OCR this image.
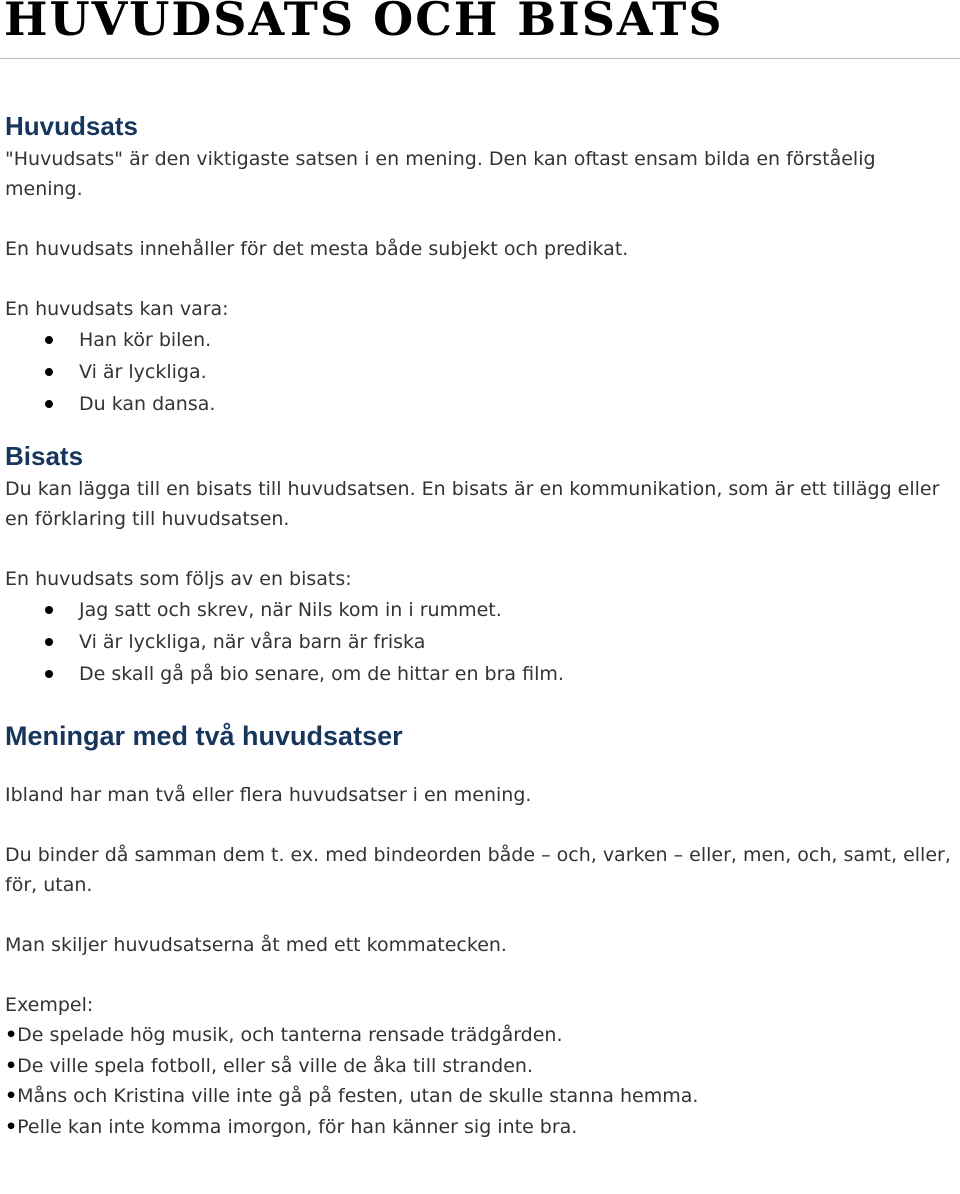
HUVUDSATS OCH BISATS
Huvudsats

"Huvudsats" är den viktigaste satsen i en mening. Den kan oftast ensam bilda en förståelig mening.

En huvudsats innehåller för det mesta både subjekt och predikat.

En huvudsats kan vara:

Han kör bilen.
Vi är lyckliga.
Du kan dansa.
Bisats

Du kan lägga till en bisats till huvudsatsen. En bisats är en kommunikation, som är ett tillägg eller en förklaring till huvudsatsen.

En huvudsats som följs av en bisats:

Jag satt och skrev, när Nils kom in i rummet.
Vi är lyckliga, när våra barn är friska
De skall gå på bio senare, om de hittar en bra film.
Meningar med två huvudsatser

Ibland har man två eller flera huvudsatser i en mening.

Du binder då samman dem t. ex. med bindeorden både – och, varken – eller, men, och, samt, eller, för, utan.

Man skiljer huvudsatserna åt med ett kommatecken.

Exempel:

•De spelade hög musik, och tanterna rensade trädgården.
•De ville spela fotboll, eller så ville de åka till stranden.
•Måns och Kristina ville inte gå på festen, utan de skulle stanna hemma.
•Pelle kan inte komma imorgon, för han känner sig inte bra.
